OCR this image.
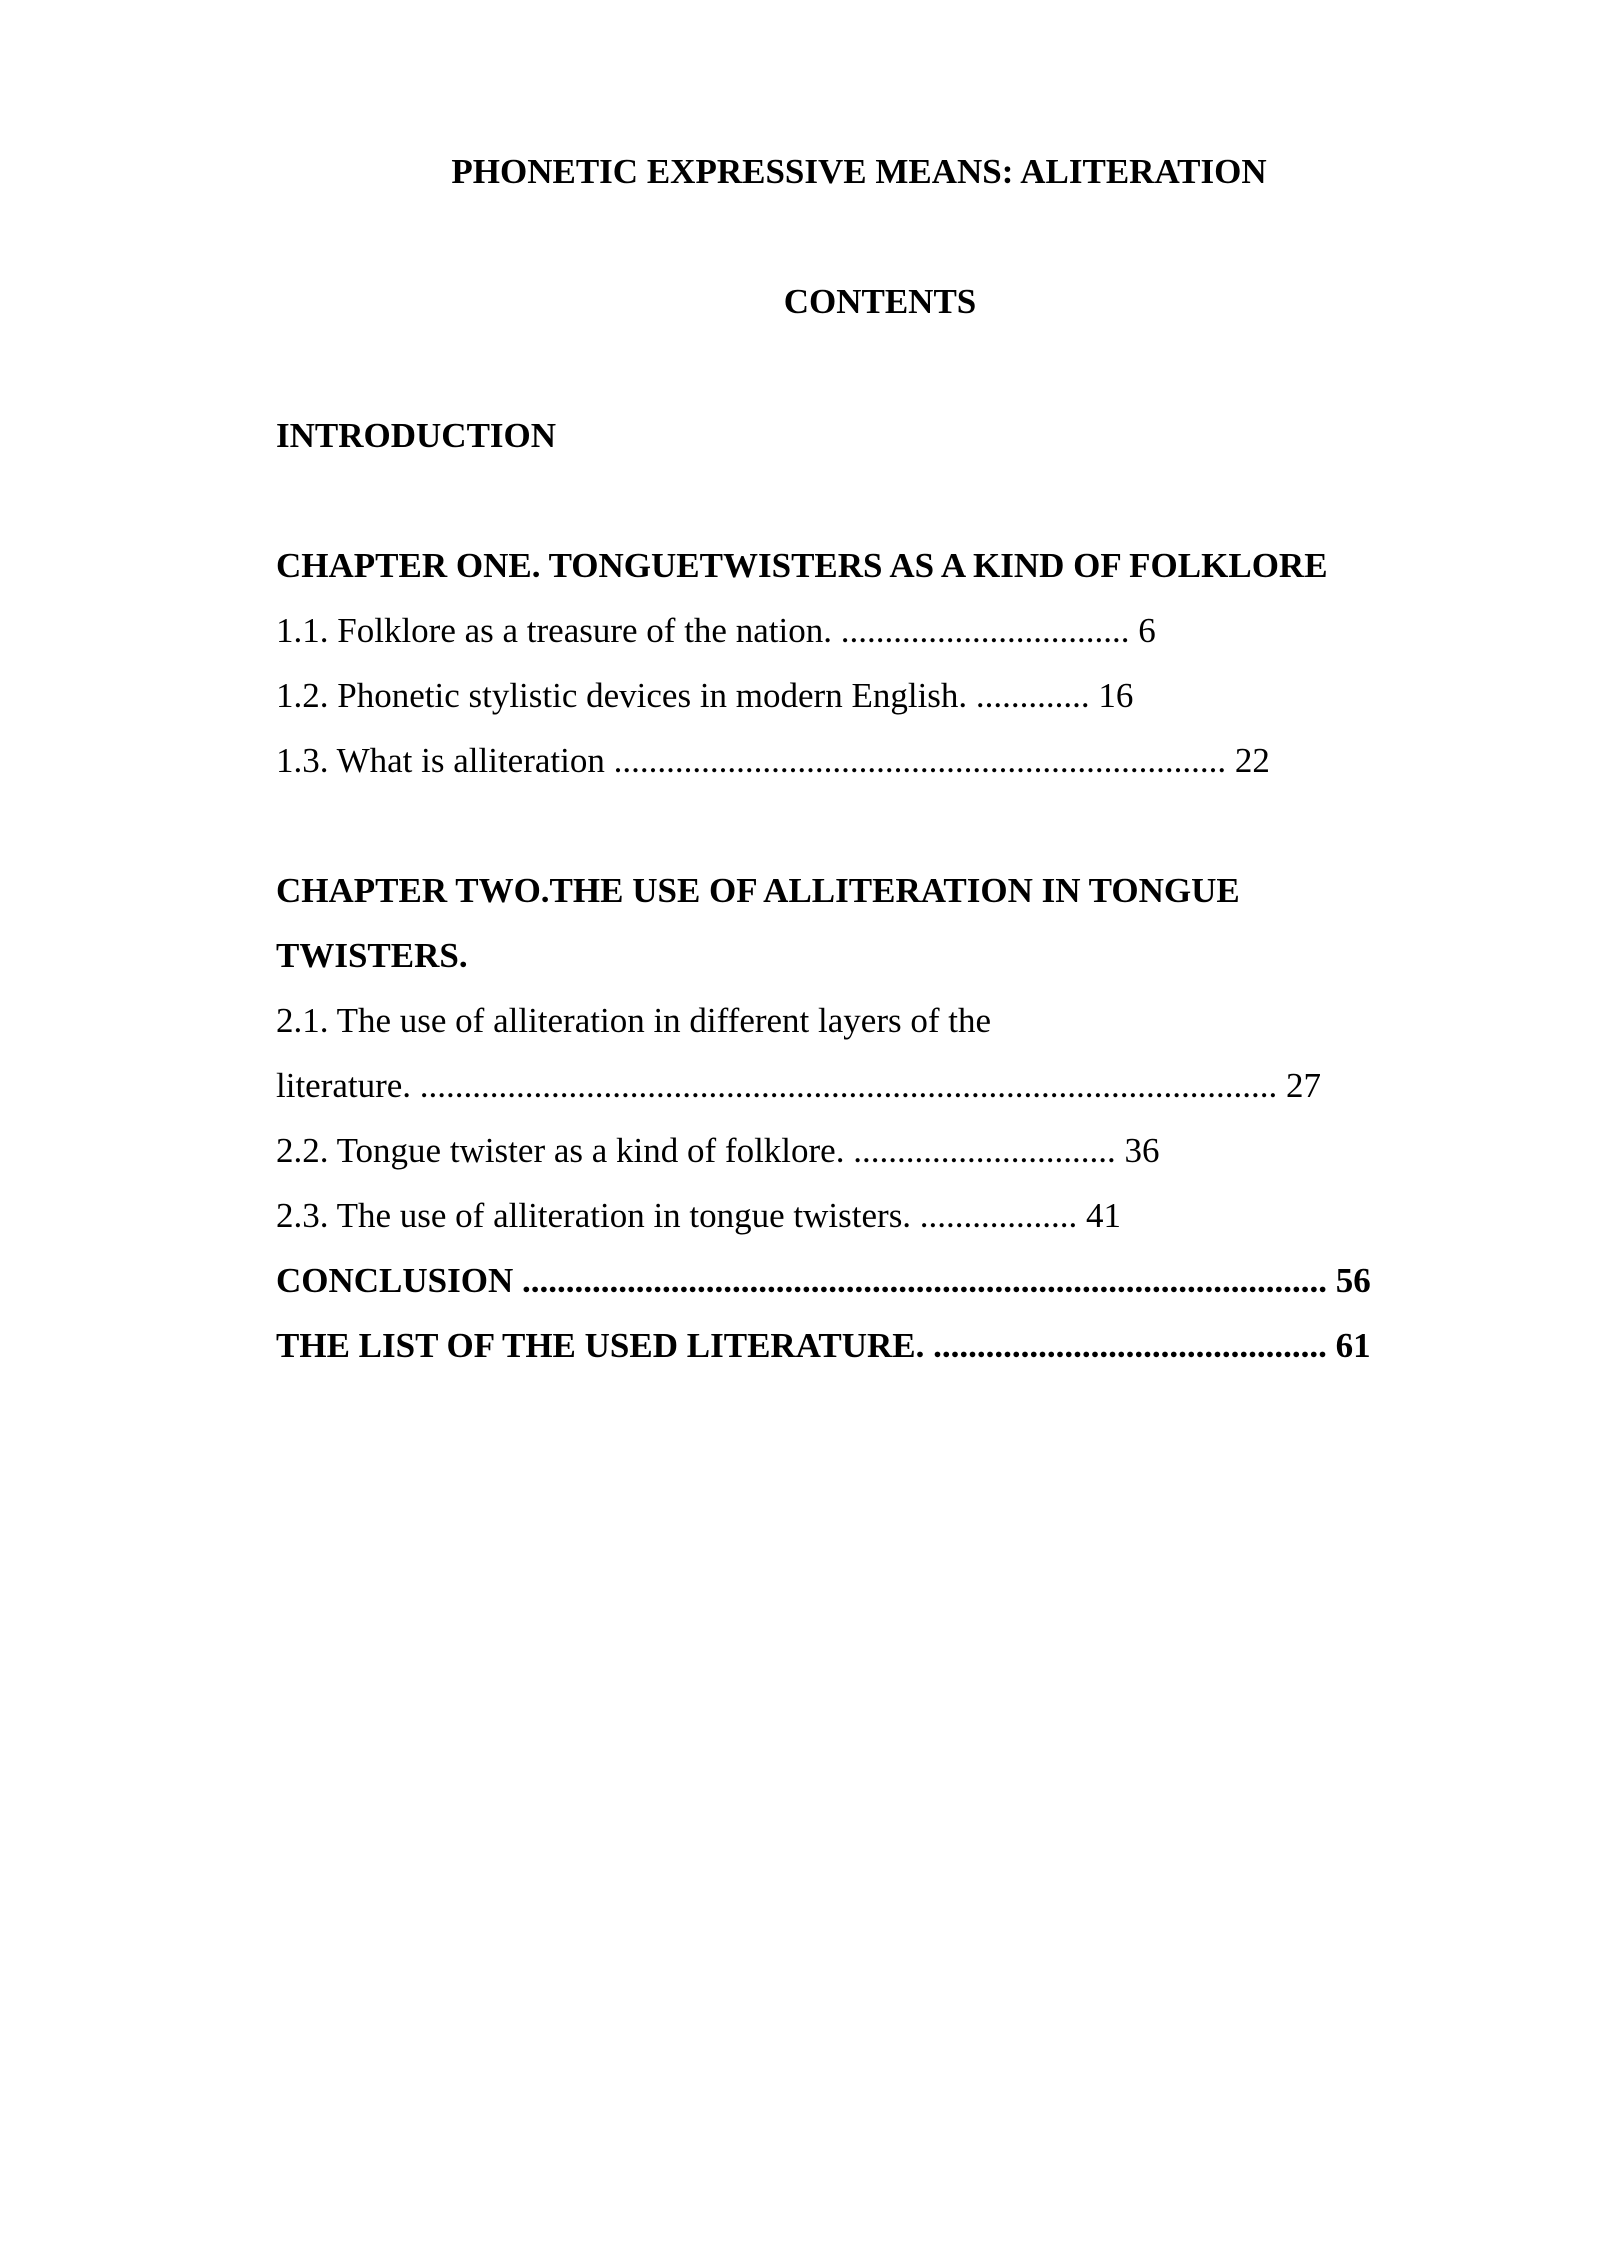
PHONETIC EXPRESSIVE MEANS: ALITERATION
CONTENTS
INTRODUCTION
CHAPTER ONE. TONGUETWISTERS AS A KIND OF FOLKLORE
1.1. Folklore as a treasure of the nation. ................................. 6
1.2. Phonetic stylistic devices in modern English. ............. 16
1.3. What is alliteration ...................................................................... 22
CHAPTER TWO.THE USE OF ALLITERATION IN TONGUE
TWISTERS.
2.1. The use of alliteration in different layers of the
literature. .................................................................................................. 27
2.2. Tongue twister as a kind of folklore. .............................. 36
2.3. The use of alliteration in tongue twisters. .................. 41
CONCLUSION ............................................................................................ 56
THE LIST OF THE USED LITERATURE. ............................................. 61
